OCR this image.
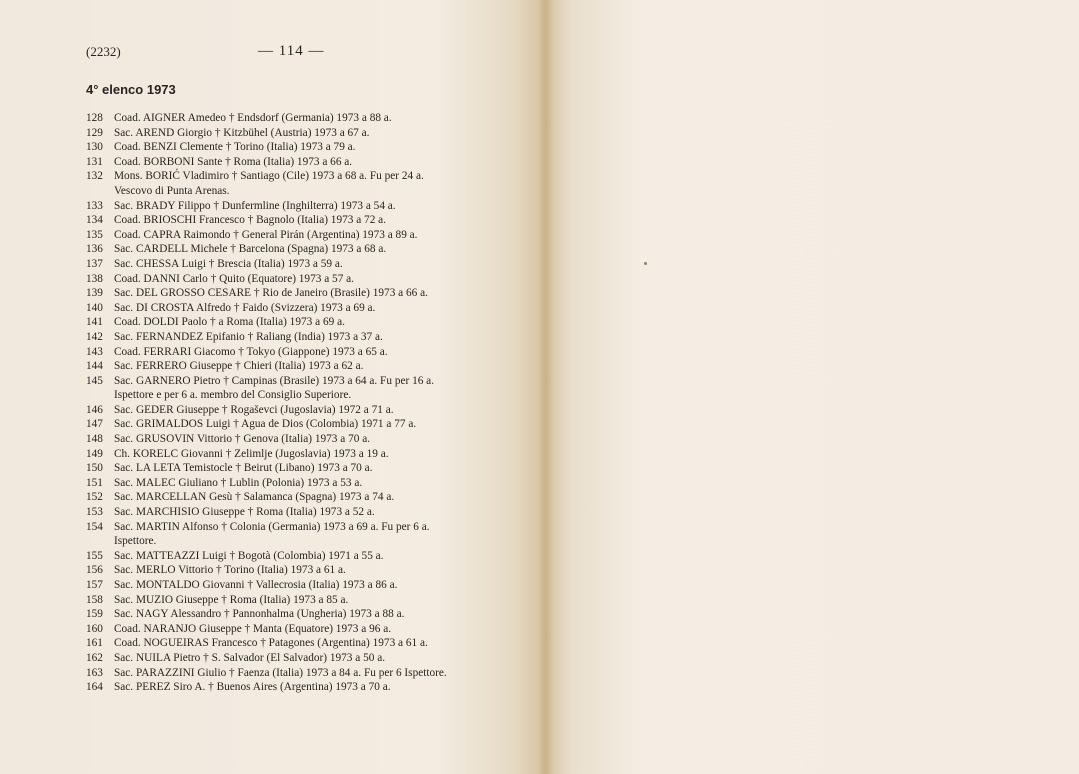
(2232)	— 114 —
4° elenco 1973
128 Coad. AIGNER Amedeo † Endsdorf (Germania) 1973 a 88 a.
129 Sac. AREND Giorgio † Kitzbühel (Austria) 1973 a 67 a.
130 Coad. BENZI Clemente † Torino (Italia) 1973 a 79 a.
131 Coad. BORBONI Sante † Roma (Italia) 1973 a 66 a.
132 Mons. BORIĆ Vladimiro † Santiago (Cile) 1973 a 68 a. Fu per 24 a.
Vescovo di Punta Arenas.
133 Sac. BRADY Filippo † Dunfermline (Inghilterra) 1973 a 54 a.
134 Coad. BRIOSCHI Francesco † Bagnolo (Italia) 1973 a 72 a.
135 Coad. CAPRA Raimondo † General Pirán (Argentina) 1973 a 89 a.
136 Sac. CARDELL Michele † Barcelona (Spagna) 1973 a 68 a.
137 Sac. CHESSA Luigi † Brescia (Italia) 1973 a 59 a.
138 Coad. DANNI Carlo † Quito (Equatore) 1973 a 57 a.
139 Sac. DEL GROSSO CESARE † Rio de Janeiro (Brasile) 1973 a 66 a.
140 Sac. DI CROSTA Alfredo † Faido (Svizzera) 1973 a 69 a.
141 Coad. DOLDI Paolo † a Roma (Italia) 1973 a 69 a.
142 Sac. FERNANDEZ Epifanio † Raliang (India) 1973 a 37 a.
143 Coad. FERRARI Giacomo † Tokyo (Giappone) 1973 a 65 a.
144 Sac. FERRERO Giuseppe † Chieri (Italia) 1973 a 62 a.
145 Sac. GARNERO Pietro † Campinas (Brasile) 1973 a 64 a. Fu per 16 a.
Ispettore e per 6 a. membro del Consiglio Superiore.
146 Sac. GEDER Giuseppe † Rogaševci (Jugoslavia) 1972 a 71 a.
147 Sac. GRIMALDOS Luigi † Agua de Dios (Colombia) 1971 a 77 a.
148 Sac. GRUSOVIN Vittorio † Genova (Italia) 1973 a 70 a.
149 Ch. KORELC Giovanni † Zelimlje (Jugoslavia) 1973 a 19 a.
150 Sac. LA LETA Temistocle † Beirut (Libano) 1973 a 70 a.
151 Sac. MALEC Giuliano † Lublin (Polonia) 1973 a 53 a.
152 Sac. MARCELLAN Gesù † Salamanca (Spagna) 1973 a 74 a.
153 Sac. MARCHISIO Giuseppe † Roma (Italia) 1973 a 52 a.
154 Sac. MARTIN Alfonso † Colonia (Germania) 1973 a 69 a. Fu per 6 a.
Ispettore.
155 Sac. MATTEAZZI Luigi † Bogotà (Colombia) 1971 a 55 a.
156 Sac. MERLO Vittorio † Torino (Italia) 1973 a 61 a.
157 Sac. MONTALDO Giovanni † Vallecrosia (Italia) 1973 a 86 a.
158 Sac. MUZIO Giuseppe † Roma (Italia) 1973 a 85 a.
159 Sac. NAGY Alessandro † Pannonhalma (Ungheria) 1973 a 88 a.
160 Coad. NARANJO Giuseppe † Manta (Equatore) 1973 a 96 a.
161 Coad. NOGUEIRAS Francesco † Patagones (Argentina) 1973 a 61 a.
162 Sac. NUILA Pietro † S. Salvador (El Salvador) 1973 a 50 a.
163 Sac. PARAZZINI Giulio † Faenza (Italia) 1973 a 84 a. Fu per 6 Ispettore.
164 Sac. PEREZ Siro A. † Buenos Aires (Argentina) 1973 a 70 a.
